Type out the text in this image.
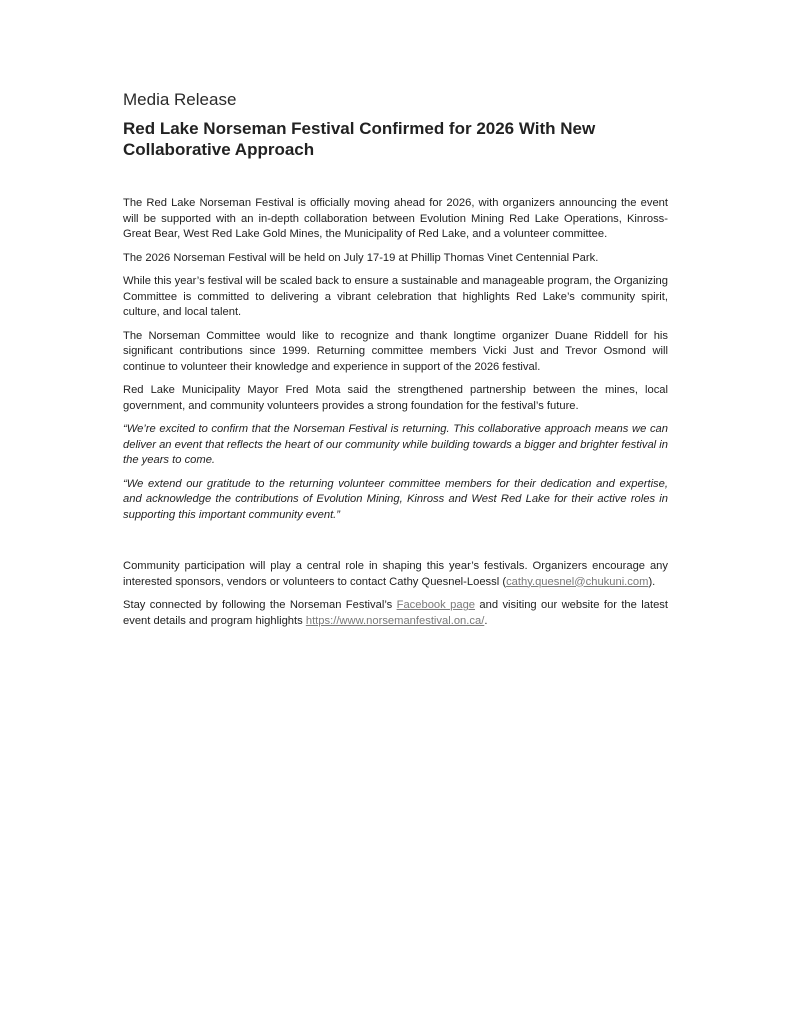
Media Release
Red Lake Norseman Festival Confirmed for 2026 With New Collaborative Approach

The Red Lake Norseman Festival is officially moving ahead for 2026, with organizers announcing the event will be supported with an in-depth collaboration between Evolution Mining Red Lake Operations, Kinross-Great Bear, West Red Lake Gold Mines, the Municipality of Red Lake, and a volunteer committee.

The 2026 Norseman Festival will be held on July 17-19 at Phillip Thomas Vinet Centennial Park.

While this year’s festival will be scaled back to ensure a sustainable and manageable program, the Organizing Committee is committed to delivering a vibrant celebration that highlights Red Lake’s community spirit, culture, and local talent.

The Norseman Committee would like to recognize and thank longtime organizer Duane Riddell for his significant contributions since 1999. Returning committee members Vicki Just and Trevor Osmond will continue to volunteer their knowledge and experience in support of the 2026 festival.

Red Lake Municipality Mayor Fred Mota said the strengthened partnership between the mines, local government, and community volunteers provides a strong foundation for the festival’s future.

“We’re excited to confirm that the Norseman Festival is returning. This collaborative approach means we can deliver an event that reflects the heart of our community while building towards a bigger and brighter festival in the years to come.

“We extend our gratitude to the returning volunteer committee members for their dedication and expertise, and acknowledge the contributions of Evolution Mining, Kinross and West Red Lake for their active roles in supporting this important community event.”

Community participation will play a central role in shaping this year’s festivals. Organizers encourage any interested sponsors, vendors or volunteers to contact Cathy Quesnel-Loessl (cathy.quesnel@chukuni.com).

Stay connected by following the Norseman Festival’s Facebook page and visiting our website for the latest event details and program highlights https://www.norsemanfestival.on.ca/.
